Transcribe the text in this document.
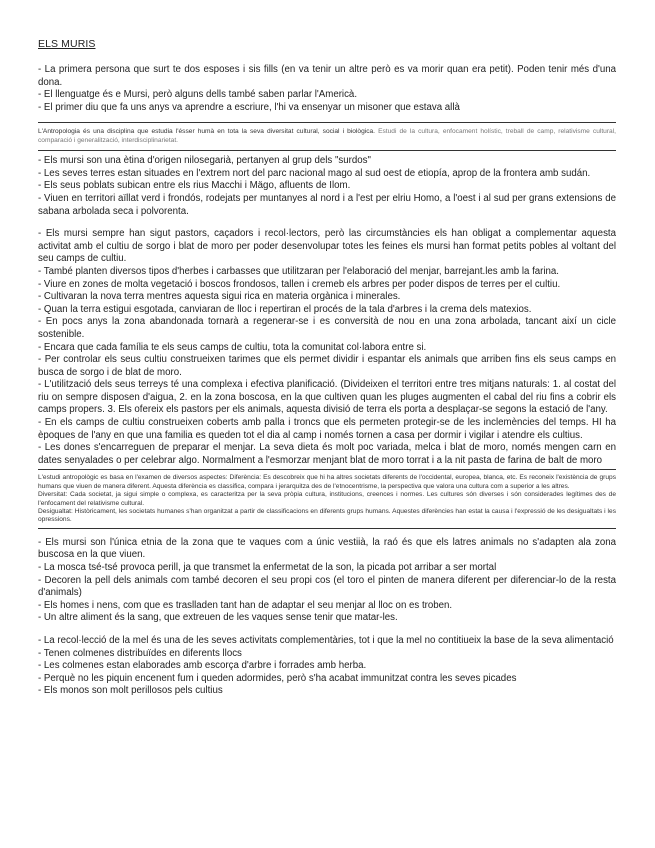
ELS MURIS

- La primera persona que surt te dos esposes i sis fills (en va tenir un altre però es va morir quan era petit). Poden tenir més d'una dona.

- El llenguatge és e Mursi, però alguns dells també saben parlar l'Americà.

- El primer diu que fa uns anys va aprendre a escriure, l'hi va ensenyar un misoner que estava allà

L'Antropologia és una disciplina que estudia l'ésser humà en tota la seva diversitat cultural, social i biològica. Estudi de la cultura, enfocament holístic, treball de camp, relativisme cultural, comparació i generalització, interdisciplinarietat.

- Els mursi son una ètina d'origen nilosegarià, pertanyen al grup dels "surdos"

- Les seves terres estan situades en l'extrem nort del parc nacional mago al sud oest de etiopía, aprop de la frontera amb sudán.

- Els seus poblats subican entre els rius Macchi i Mägo, afluents de Ilom.

- Viuen en territori aïllat verd i frondós, rodejats per muntanyes al nord i a l'est per elriu Homo, a l'oest i al sud per grans extensions de sabana arbolada seca i polvorenta.

- Els mursi sempre han sigut pastors, caçadors i recol·lectors, però las circumstàncies els han obligat a complementar aquesta activitat amb el cultiu de sorgo i blat de moro per poder desenvolupar totes les feines els mursi han format petits pobles al voltant del seu camps de cultiu.

- També planten diversos tipos d'herbes i carbasses que utilitzaran per l'elaboració del menjar, barrejant.les amb la farina.

- Viure en zones de molta vegetació i boscos frondosos, tallen i cremeb els arbres per poder dispos de terres per el cultiu.

- Cultivaran la nova terra mentres aquesta sigui rica en materia orgànica i minerales.

- Quan la terra estigui esgotada, canviaran de lloc i repertiran el procés de la tala d'arbres i la crema dels matexios.

- En pocs anys la zona abandonada tornarà a regenerar-se i es conversità de nou en una zona arbolada, tancant així un cicle sostenible.

- Encara que cada família te els seus camps de cultiu, tota la comunitat col·labora entre si.

- Per controlar els seus cultiu construeixen tarimes que els permet dividir i espantar els animals que arriben fins els seus camps en busca de sorgo i de blat de moro.

- L'utilització dels seus terreys té una complexa i efectiva planificació. (Divideixen el territori entre tres mitjans naturals: 1. al costat del riu on sempre disposen d'aigua, 2. en la zona boscosa, en la que cultiven quan les pluges augmenten el cabal del riu fins a cobrir els camps propers. 3. Els ofereix els pastors per els animals, aquesta divisió de terra els porta a desplaçar-se segons la estació de l'any.

- En els camps de cultiu construeixen coberts amb palla i troncs que els permeten protegir-se de les inclemències del temps. HI ha èpoques de l'any en que una familia es queden tot el dia al camp i només tornen a casa per dormir i vigilar i atendre els cultius.

- Les dones s'encarreguen de preparar el menjar. La seva dieta és molt poc variada, melca i blat de moro, només mengen carn en dates senyalades o per celebrar algo. Normalment a l'esmorzar menjant blat de moro torrat i a la nit pasta de farina de balt de moro

L'estudi antropològic es basa en l'examen de diversos aspectes: Diferència: Es descobreix que hi ha altres societats diferents de l'occidental, europea, blanca, etc. Es reconeix l'existència de grups humans que viuen de manera diferent. Aquesta diferència es classifica, compara i jerarquitza des de l'etnocentrisme, la perspectiva que valora una cultura com a superior a les altres.

Diversitat: Cada societat, ja sigui simple o complexa, es caracteritza per la seva pròpia cultura, institucions, creences i normes. Les cultures són diverses i són considerades legítimes des de l'enfocament del relativisme cultural.

Desigualtat: Històricament, les societats humanes s'han organitzat a partir de classificacions en diferents grups humans. Aquestes diferències han estat la causa i l'expressió de les desigualtats i les opressions.

- Els mursi son l'única etnia de la zona que te vaques com a únic vestiià, la raó és que els latres animals no s'adapten ala zona buscosa en la que viuen.

- La mosca tsé-tsé provoca perill, ja que transmet la enfermetat de la son, la picada pot arribar a ser mortal

- Decoren la pell dels animals com també decoren el seu propi cos (el toro el pinten de manera diferent per diferenciar-lo de la resta d'animals)

- Els homes i nens, com que es traslladen tant han de adaptar el seu menjar al lloc on es troben.

- Un altre aliment és la sang, que extreuen de les vaques sense tenir que matar-les.

- La recol·lecció de la mel és una de les seves activitats complementàries, tot i que la mel no contitiueix la base de la seva alimentació

- Tenen colmenes distribuïdes en diferents llocs

- Les colmenes estan elaborades amb escorça d'arbre i forrades amb herba.

- Perquè no les piquin encenent fum i queden adormides, però s'ha acabat immunitzat contra les seves picades

- Els monos son molt perillosos pels cultius
